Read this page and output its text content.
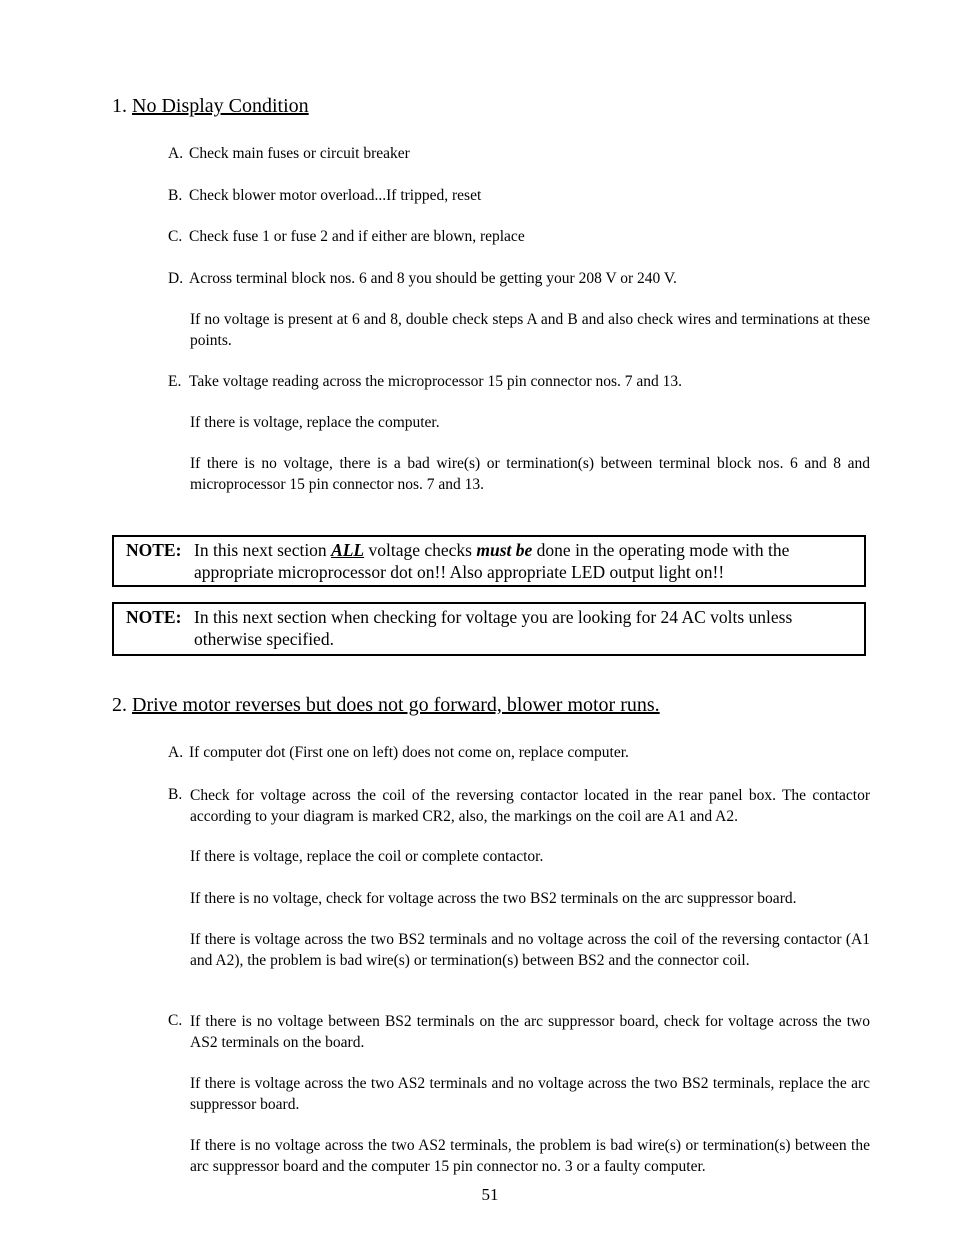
1. No Display Condition
A. Check main fuses or circuit breaker
B. Check blower motor overload...If tripped, reset
C. Check fuse 1 or fuse 2 and if either are blown, replace
D. Across terminal block nos. 6 and 8 you should be getting your 208 V or 240 V.
If no voltage is present at 6 and 8, double check steps A and B and also check wires and terminations at these points.
E. Take voltage reading across the microprocessor 15 pin connector nos. 7 and 13.
If there is voltage, replace the computer.
If there is no voltage, there is a bad wire(s) or termination(s) between terminal block nos. 6 and 8 and microprocessor 15 pin connector nos. 7 and 13.
NOTE: In this next section ALL voltage checks must be done in the operating mode with the appropriate microprocessor dot on!! Also appropriate LED output light on!!
NOTE: In this next section when checking for voltage you are looking for 24 AC volts unless otherwise specified.
2. Drive motor reverses but does not go forward, blower motor runs.
A. If computer dot (First one on left) does not come on, replace computer.
B. Check for voltage across the coil of the reversing contactor located in the rear panel box. The contactor according to your diagram is marked CR2, also, the markings on the coil are A1 and A2.
If there is voltage, replace the coil or complete contactor.
If there is no voltage, check for voltage across the two BS2 terminals on the arc suppressor board.
If there is voltage across the two BS2 terminals and no voltage across the coil of the reversing contactor (A1 and A2), the problem is bad wire(s) or termination(s) between BS2 and the connector coil.
C. If there is no voltage between BS2 terminals on the arc suppressor board, check for voltage across the two AS2 terminals on the board.
If there is voltage across the two AS2 terminals and no voltage across the two BS2 terminals, replace the arc suppressor board.
If there is no voltage across the two AS2 terminals, the problem is bad wire(s) or termination(s) between the arc suppressor board and the computer 15 pin connector no. 3 or a faulty computer.
51
